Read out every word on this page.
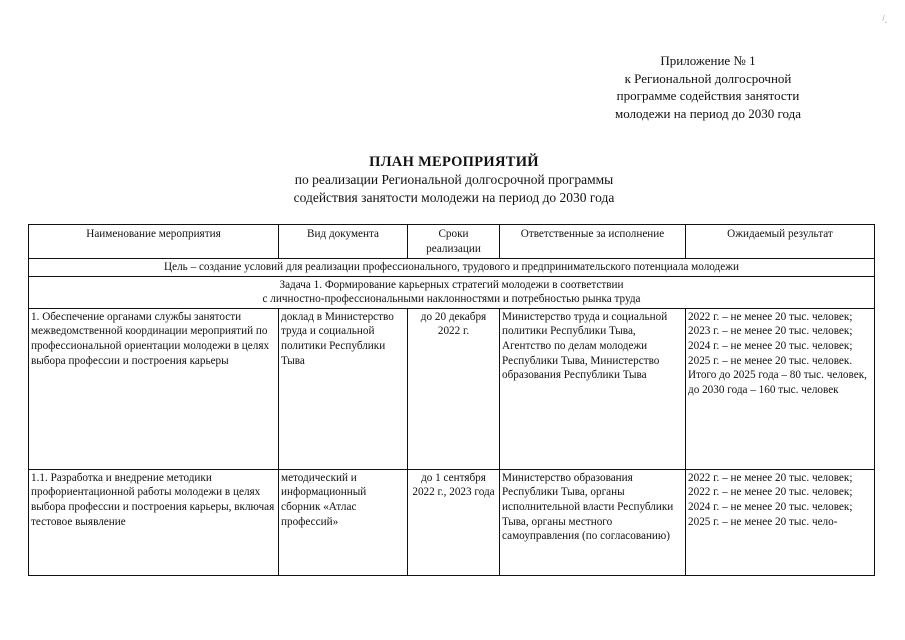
\ .
Приложение № 1
к Региональной долгосрочной
программе содействия занятости
молодежи на период до 2030 года
ПЛАН МЕРОПРИЯТИЙ
по реализации Региональной долгосрочной программы
содействия занятости молодежи на период до 2030 года
Наименование мероприятия	Вид документа	Сроки реализации	Ответственные за исполнение	Ожидаемый результат
Цель – создание условий для реализации профессионального, трудового и предпринимательского потенциала молодежи				

Задача 1. Формирование карьерных стратегий молодежи в соответствии
с личностно-профессиональными наклонностями и потребностью рынка труда				

1. Обеспечение органами службы занятости межведомственной координации мероприятий по профессиональной ориентации молодежи в целях выбора профессии и построения карьеры	доклад в Министерство труда и социальной политики Республики Тыва	до 20 декабря 2022 г.	Министерство труда и социальной политики Республики Тыва, Агентство по делам молодежи Республики Тыва, Министерство образования Республики Тыва	2022 г. – не менее 20 тыс. человек;
2023 г. – не менее 20 тыс. человек;
2024 г. – не менее 20 тыс. человек;
2025 г. – не менее 20 тыс. человек.
Итого до 2025 года – 80 тыс. человек, до 2030 года – 160 тыс. человек

1.1. Разработка и внедрение методики профориентационной работы молодежи в целях выбора профессии и построения карьеры, включая тестовое выявление	методический и информационный сборник «Атлас профессий»	до 1 сентября 2022 г., 2023 года	Министерство образования Республики Тыва, органы исполнительной власти Республики Тыва, органы местного самоуправления (по согласованию)	2022 г. – не менее 20 тыс. человек;
2022 г. – не менее 20 тыс. человек;
2024 г. – не менее 20 тыс. человек;
2025 г. – не менее 20 тыс. чело-
